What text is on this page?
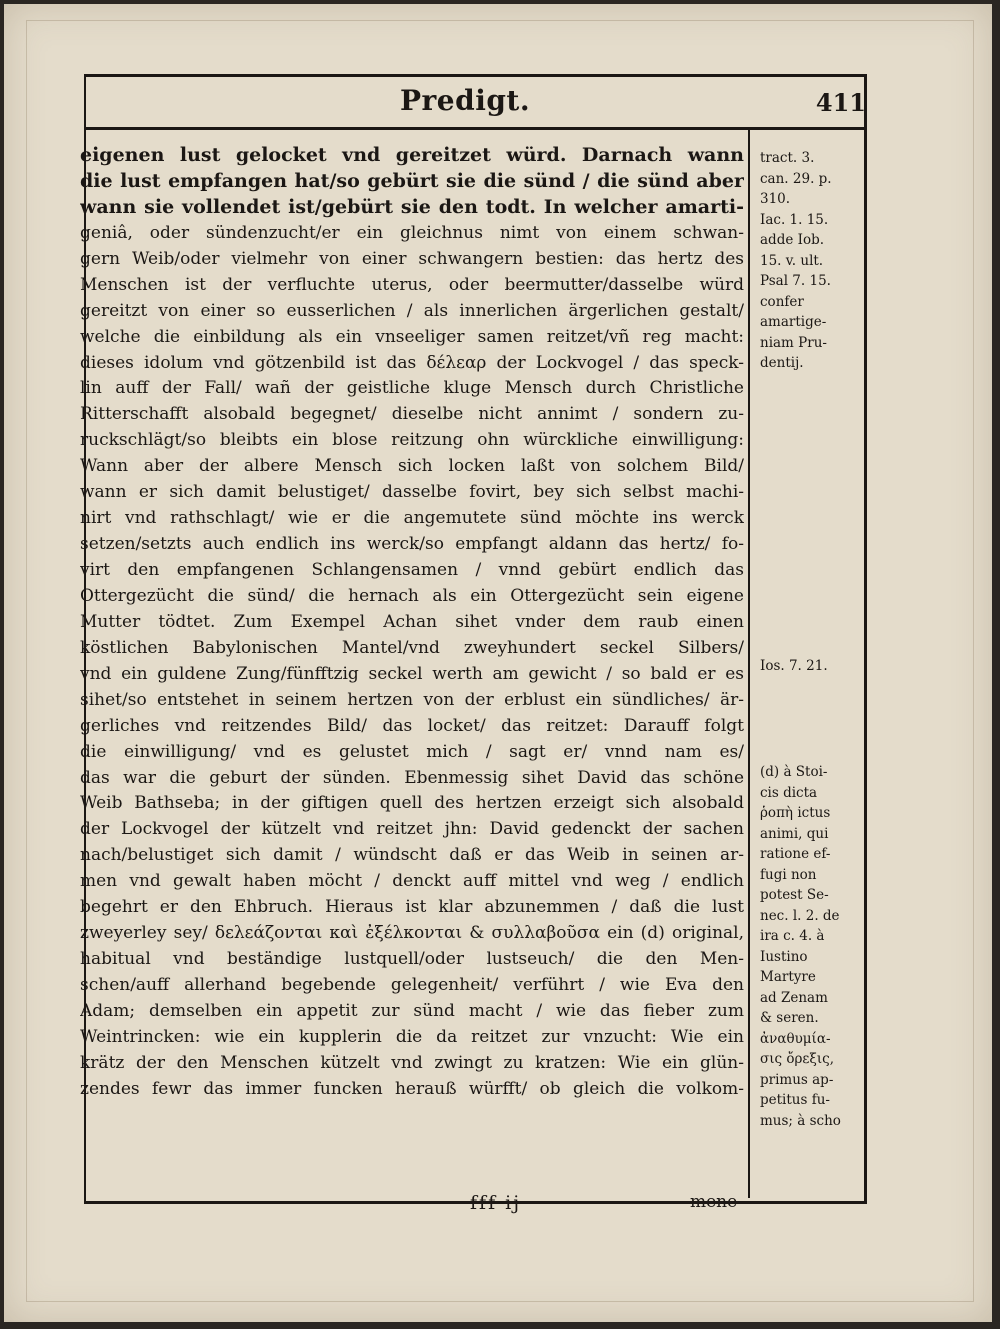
Predigt.	411
eigenen lust gelocket vnd gereitzet würd. Darnach wann
die lust empfangen hat/so gebürt sie die sünd / die sünd aber
wann sie vollendet ist/gebürt sie den todt. In welcher amarti-
geniâ, oder sündenzucht/er ein gleichnus nimt von einem schwan-
gern Weib/oder vielmehr von einer schwangern bestien: das hertz des
Menschen ist der verfluchte uterus, oder beermutter/dasselbe würd
gereitzt von einer so eusserlichen / als innerlichen ärgerlichen gestalt/
welche die einbildung als ein vnseeliger samen reitzet/vñ reg macht:
dieses idolum vnd götzenbild ist das δέλεαρ der Lockvogel / das speck-
lin auff der Fall/ wañ der geistliche kluge Mensch durch Christliche
Ritterschafft alsobald begegnet/ dieselbe nicht annimt / sondern zu-
ruckschlägt/so bleibts ein blose reitzung ohn würckliche einwilligung:
Wann aber der albere Mensch sich locken laßt von solchem Bild/
wann er sich damit belustiget/ dasselbe fovirt, bey sich selbst machi-
nirt vnd rathschlagt/ wie er die angemutete sünd möchte ins werck
setzen/setzts auch endlich ins werck/so empfangt aldann das hertz/ fo-
virt den empfangenen Schlangensamen / vnnd gebürt endlich das
Ottergezücht die sünd/ die hernach als ein Ottergezücht sein eigene
Mutter tödtet. Zum Exempel Achan sihet vnder dem raub einen
köstlichen Babylonischen Mantel/vnd zweyhundert seckel Silbers/
vnd ein guldene Zung/fünfftzig seckel werth am gewicht / so bald er es
sihet/so entstehet in seinem hertzen von der erblust ein sündliches/ är-
gerliches vnd reitzendes Bild/ das locket/ das reitzet: Darauff folgt
die einwilligung/ vnd es gelustet mich / sagt er/ vnnd nam es/
das war die geburt der sünden. Ebenmessig sihet David das schöne
Weib Bathseba; in der giftigen quell des hertzen erzeigt sich alsobald
der Lockvogel der kützelt vnd reitzet jhn: David gedenckt der sachen
nach/belustiget sich damit / wündscht daß er das Weib in seinen ar-
men vnd gewalt haben möcht / denckt auff mittel vnd weg / endlich
begehrt er den Ehbruch. Hieraus ist klar abzunemmen / daß die lust
zweyerley sey/ δελεάζονται καὶ ἐξέλκονται & συλλαβοῦσα ein (d) original,
habitual vnd beständige lustquell/oder lustseuch/ die den Men-
schen/auff allerhand begebende gelegenheit/ verführt / wie Eva den
Adam; demselben ein appetit zur sünd macht / wie das fieber zum
Weintrincken: wie ein kupplerin die da reitzet zur vnzucht: Wie ein
krätz der den Menschen kützelt vnd zwingt zu kratzen: Wie ein glün-
zendes fewr das immer funcken herauß würfft/ ob gleich die volkom-
tract. 3.
can. 29. p.
310.
Iac. 1. 15.
adde Iob.
15. v. ult.
Psal 7. 15.
confer
amartige-
niam Pru-
dentij.
Ios. 7. 21.
(d) à Stoi-
cis dicta
ῥοπὴ ictus
animi, qui
ratione ef-
fugi non
potest Se-
nec. l. 2. de
ira c. 4. à
Iustino
Martyre
ad Zenam
& seren.
ἀναθυμία-
σις ὄρεξις,
primus ap-
petitus fu-
mus; à scho
fff ij	mene
